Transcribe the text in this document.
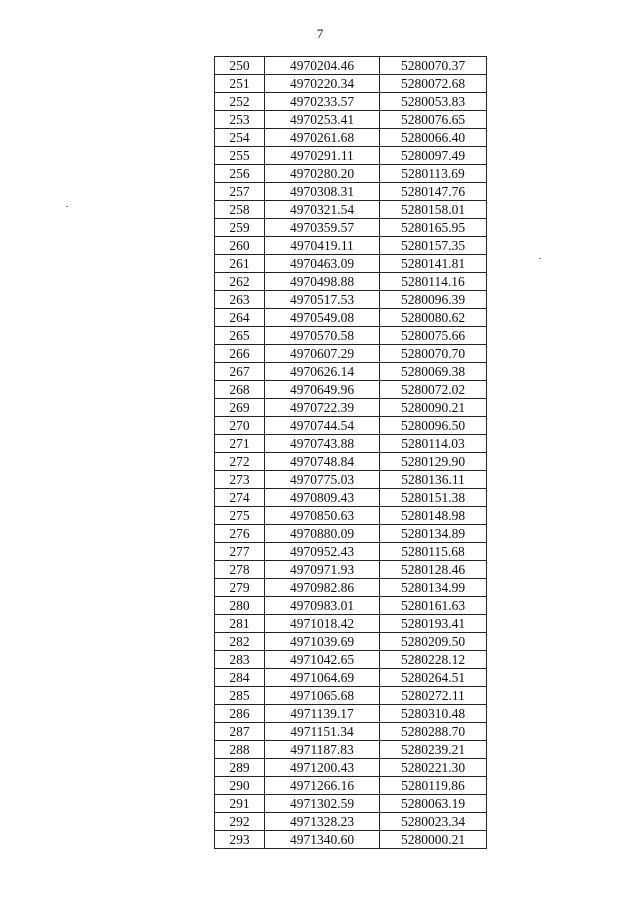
7
250	4970204.46	5280070.37
251	4970220.34	5280072.68
252	4970233.57	5280053.83
253	4970253.41	5280076.65
254	4970261.68	5280066.40
255	4970291.11	5280097.49
256	4970280.20	5280113.69
257	4970308.31	5280147.76
258	4970321.54	5280158.01
259	4970359.57	5280165.95
260	4970419.11	5280157.35
261	4970463.09	5280141.81
262	4970498.88	5280114.16
263	4970517.53	5280096.39
264	4970549.08	5280080.62
265	4970570.58	5280075.66
266	4970607.29	5280070.70
267	4970626.14	5280069.38
268	4970649.96	5280072.02
269	4970722.39	5280090.21
270	4970744.54	5280096.50
271	4970743.88	5280114.03
272	4970748.84	5280129.90
273	4970775.03	5280136.11
274	4970809.43	5280151.38
275	4970850.63	5280148.98
276	4970880.09	5280134.89
277	4970952.43	5280115.68
278	4970971.93	5280128.46
279	4970982.86	5280134.99
280	4970983.01	5280161.63
281	4971018.42	5280193.41
282	4971039.69	5280209.50
283	4971042.65	5280228.12
284	4971064.69	5280264.51
285	4971065.68	5280272.11
286	4971139.17	5280310.48
287	4971151.34	5280288.70
288	4971187.83	5280239.21
289	4971200.43	5280221.30
290	4971266.16	5280119.86
291	4971302.59	5280063.19
292	4971328.23	5280023.34
293	4971340.60	5280000.21
